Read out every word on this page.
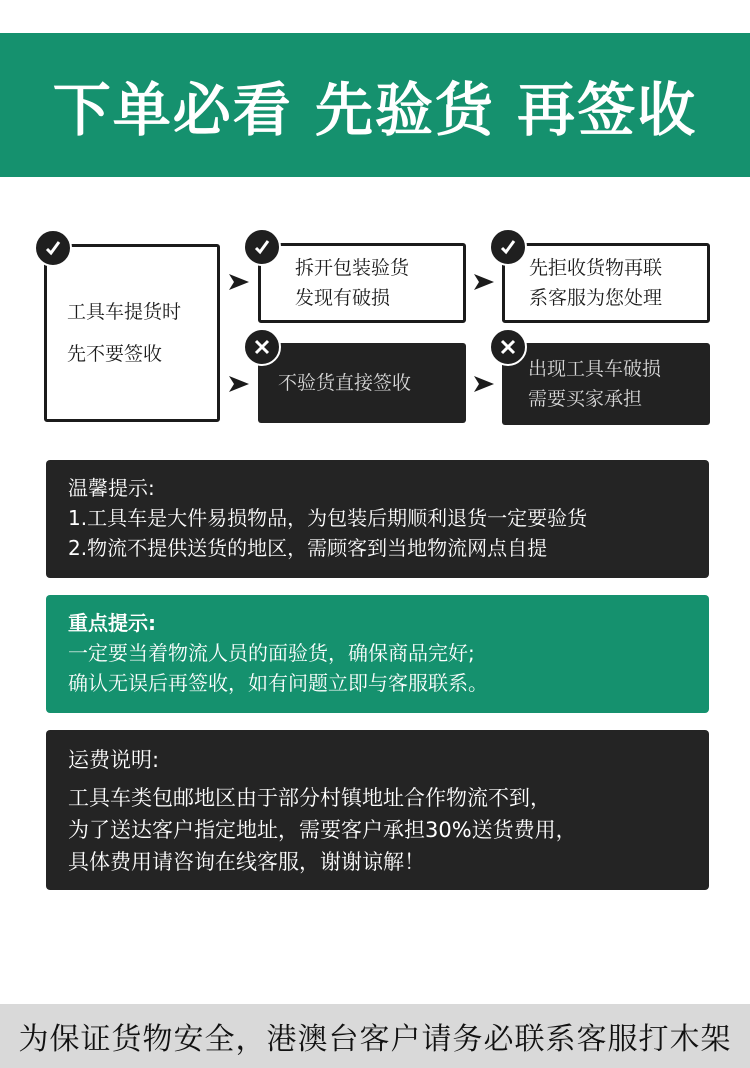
下单必看 先验货 再签收
工具车提货时
先不要签收
拆开包装验货
发现有破损
先拒收货物再联
系客服为您处理
不验货直接签收
出现工具车破损
需要买家承担
温馨提示:
1.工具车是大件易损物品，为包装后期顺利退货一定要验货
2.物流不提供送货的地区，需顾客到当地物流网点自提
重点提示:
一定要当着物流人员的面验货，确保商品完好;
确认无误后再签收，如有问题立即与客服联系。
运费说明:
工具车类包邮地区由于部分村镇地址合作物流不到，
为了送达客户指定地址，需要客户承担30%送货费用，
具体费用请咨询在线客服，谢谢谅解！
为保证货物安全，港澳台客户请务必联系客服打木架
